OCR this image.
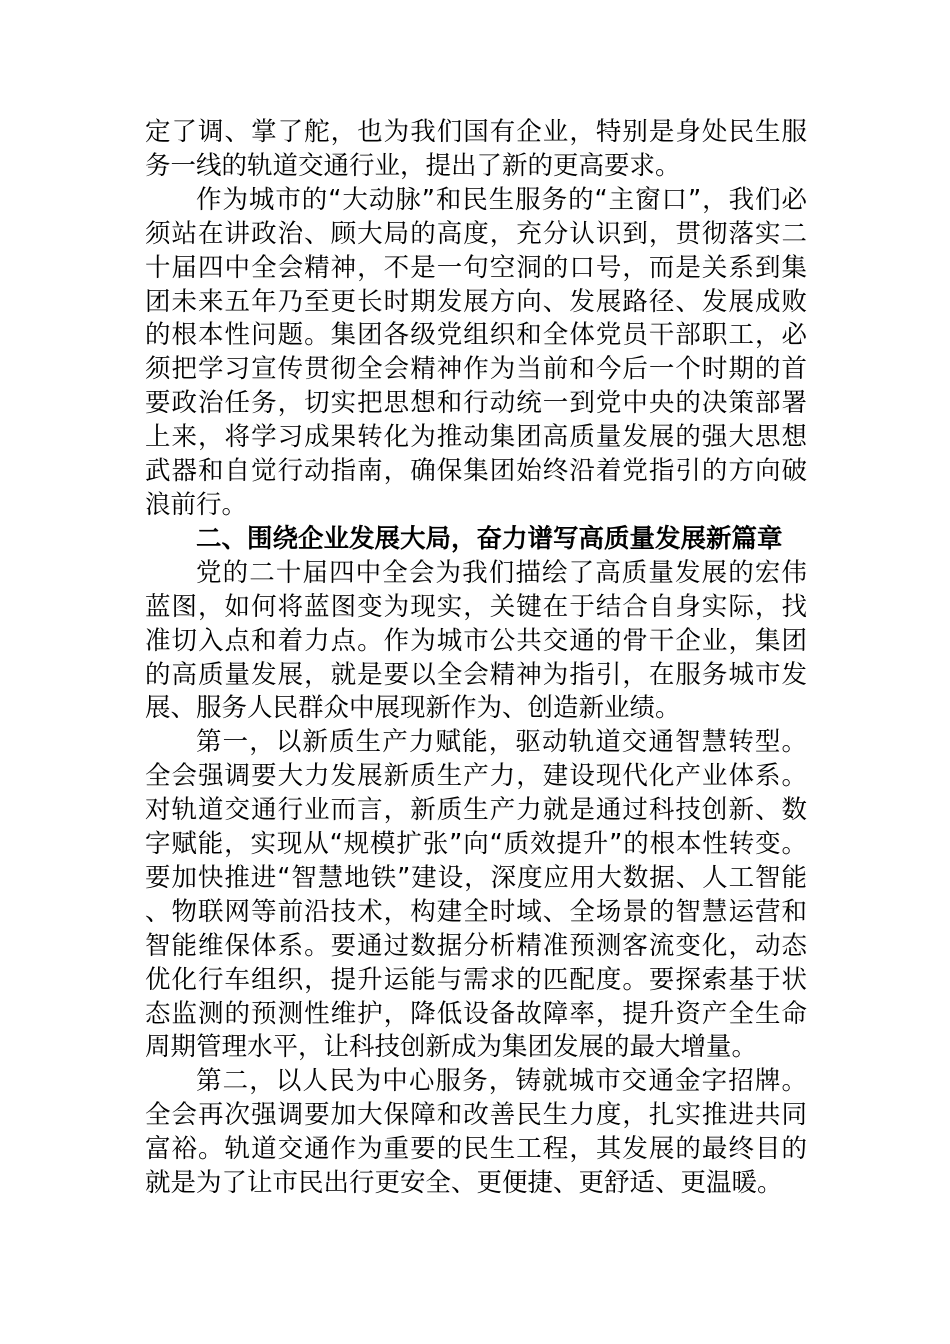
定了调、掌了舵，也为我们国有企业，特别是身处民生服务一线的轨道交通行业，提出了新的更高要求。

作为城市的“大动脉”和民生服务的“主窗口”，我们必须站在讲政治、顾大局的高度，充分认识到，贯彻落实二十届四中全会精神，不是一句空洞的口号，而是关系到集团未来五年乃至更长时期发展方向、发展路径、发展成败的根本性问题。集团各级党组织和全体党员干部职工，必须把学习宣传贯彻全会精神作为当前和今后一个时期的首要政治任务，切实把思想和行动统一到党中央的决策部署上来，将学习成果转化为推动集团高质量发展的强大思想武器和自觉行动指南，确保集团始终沿着党指引的方向破浪前行。

二、围绕企业发展大局，奋力谱写高质量发展新篇章

党的二十届四中全会为我们描绘了高质量发展的宏伟蓝图，如何将蓝图变为现实，关键在于结合自身实际，找准切入点和着力点。作为城市公共交通的骨干企业，集团的高质量发展，就是要以全会精神为指引，在服务城市发展、服务人民群众中展现新作为、创造新业绩。

第一，以新质生产力赋能，驱动轨道交通智慧转型。全会强调要大力发展新质生产力，建设现代化产业体系。对轨道交通行业而言，新质生产力就是通过科技创新、数字赋能，实现从“规模扩张”向“质效提升”的根本性转变。要加快推进“智慧地铁”建设，深度应用大数据、人工智能、物联网等前沿技术，构建全时域、全场景的智慧运营和智能维保体系。要通过数据分析精准预测客流变化，动态优化行车组织，提升运能与需求的匹配度。要探索基于状态监测的预测性维护，降低设备故障率，提升资产全生命周期管理水平，让科技创新成为集团发展的最大增量。

第二，以人民为中心服务，铸就城市交通金字招牌。全会再次强调要加大保障和改善民生力度，扎实推进共同富裕。轨道交通作为重要的民生工程，其发展的最终目的就是为了让市民出行更安全、更便捷、更舒适、更温暖。
